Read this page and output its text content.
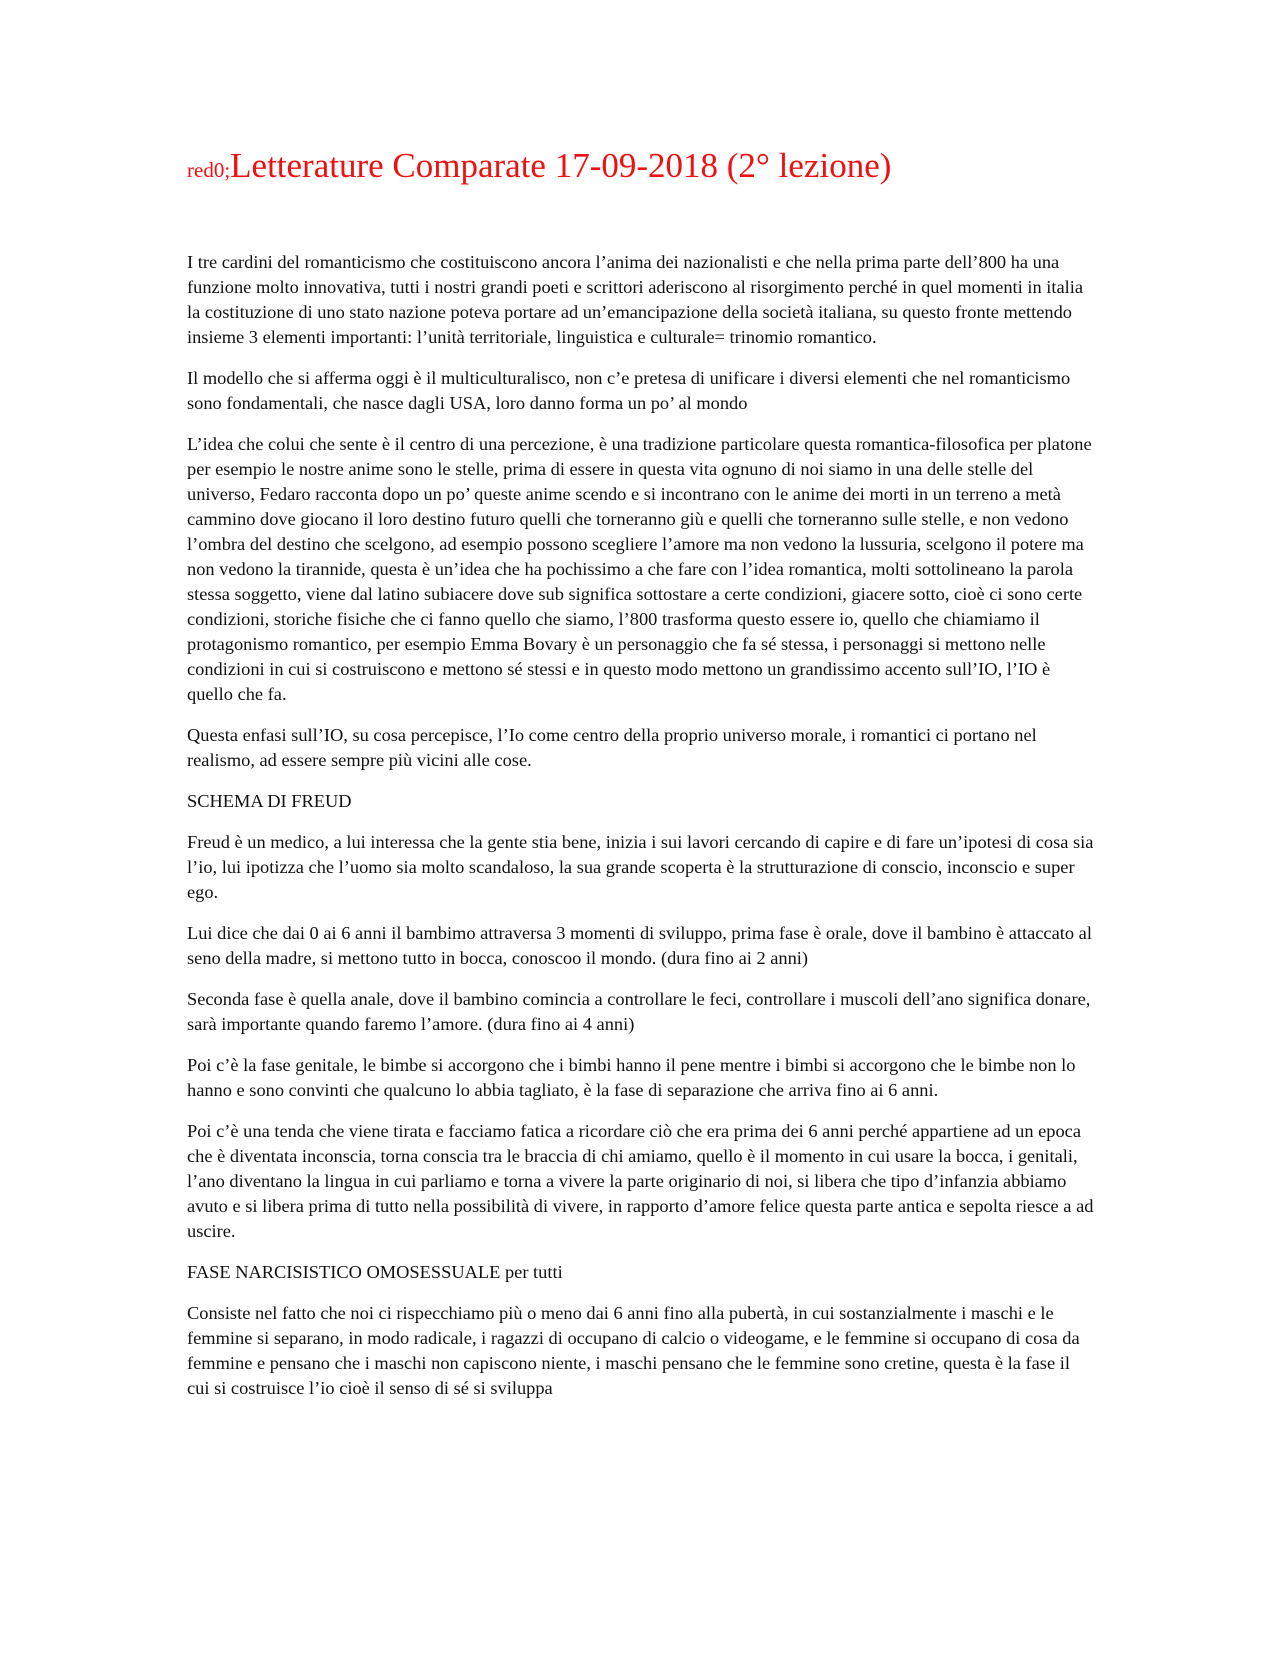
red0;Letterature Comparate 17-09-2018 (2° lezione)

I tre cardini del romanticismo che costituiscono ancora l’anima dei nazionalisti e che nella prima parte dell’800 ha una funzione molto innovativa, tutti i nostri grandi poeti e scrittori aderiscono al risorgimento perché in quel momenti in italia la costituzione di uno stato nazione poteva portare ad un’emancipazione della società italiana, su questo fronte mettendo insieme 3 elementi importanti: l’unità territoriale, linguistica e culturale= trinomio romantico.

Il modello che si afferma oggi è il multiculturalisco, non c’e pretesa di unificare i diversi elementi che nel romanticismo sono fondamentali, che nasce dagli USA, loro danno forma un po’ al mondo

L’idea che colui che sente è il centro di una percezione, è una tradizione particolare questa romantica-filosofica per platone per esempio le nostre anime sono le stelle, prima di essere in questa vita ognuno di noi siamo in una delle stelle del universo, Fedaro racconta dopo un po’ queste anime scendo e si incontrano con le anime dei morti in un terreno a metà cammino dove giocano il loro destino futuro quelli che torneranno giù e quelli che torneranno sulle stelle, e non vedono l’ombra del destino che scelgono, ad esempio possono scegliere l’amore ma non vedono la lussuria, scelgono il potere ma non vedono la tirannide, questa è un’idea che ha pochissimo a che fare con l’idea romantica, molti sottolineano la parola stessa soggetto, viene dal latino subiacere dove sub significa sottostare a certe condizioni, giacere sotto, cioè ci sono certe condizioni, storiche fisiche che ci fanno quello che siamo, l’800 trasforma questo essere io, quello che chiamiamo il protagonismo romantico, per esempio Emma Bovary è un personaggio che fa sé stessa, i personaggi si mettono nelle condizioni in cui si costruiscono e mettono sé stessi e in questo modo mettono un grandissimo accento sull’IO, l’IO è quello che fa.

Questa enfasi sull’IO, su cosa percepisce, l’Io come centro della proprio universo morale, i romantici ci portano nel realismo, ad essere sempre più vicini alle cose.

SCHEMA DI FREUD

Freud è un medico, a lui interessa che la gente stia bene, inizia i sui lavori cercando di capire e di fare un’ipotesi di cosa sia l’io, lui ipotizza che l’uomo sia molto scandaloso, la sua grande scoperta è la strutturazione di conscio, inconscio e super ego.

Lui dice che dai 0 ai 6 anni il bambimo attraversa 3 momenti di sviluppo, prima fase è orale, dove il bambino è attaccato al seno della madre, si mettono tutto in bocca, conoscoo il mondo. (dura fino ai 2 anni)

Seconda fase è quella anale, dove il bambino comincia a controllare le feci, controllare i muscoli dell’ano significa donare, sarà importante quando faremo l’amore. (dura fino ai 4 anni)

Poi c’è la fase genitale, le bimbe si accorgono che i bimbi hanno il pene mentre i bimbi si accorgono che le bimbe non lo hanno e sono convinti che qualcuno lo abbia tagliato, è la fase di separazione che arriva fino ai 6 anni.

Poi c’è una tenda che viene tirata e facciamo fatica a ricordare ciò che era prima dei 6 anni perché appartiene ad un epoca che è diventata inconscia, torna conscia tra le braccia di chi amiamo, quello è il momento in cui usare la bocca, i genitali, l’ano diventano la lingua in cui parliamo e torna a vivere la parte originario di noi, si libera che tipo d’infanzia abbiamo avuto e si libera prima di tutto nella possibilità di vivere, in rapporto d’amore felice questa parte antica e sepolta riesce a ad uscire.

FASE NARCISISTICO OMOSESSUALE per tutti

Consiste nel fatto che noi ci rispecchiamo più o meno dai 6 anni fino alla pubertà, in cui sostanzialmente i maschi e le femmine si separano, in modo radicale, i ragazzi di occupano di calcio o videogame, e le femmine si occupano di cosa da femmine e pensano che i maschi non capiscono niente, i maschi pensano che le femmine sono cretine, questa è la fase il cui si costruisce l’io cioè il senso di sé si sviluppa
